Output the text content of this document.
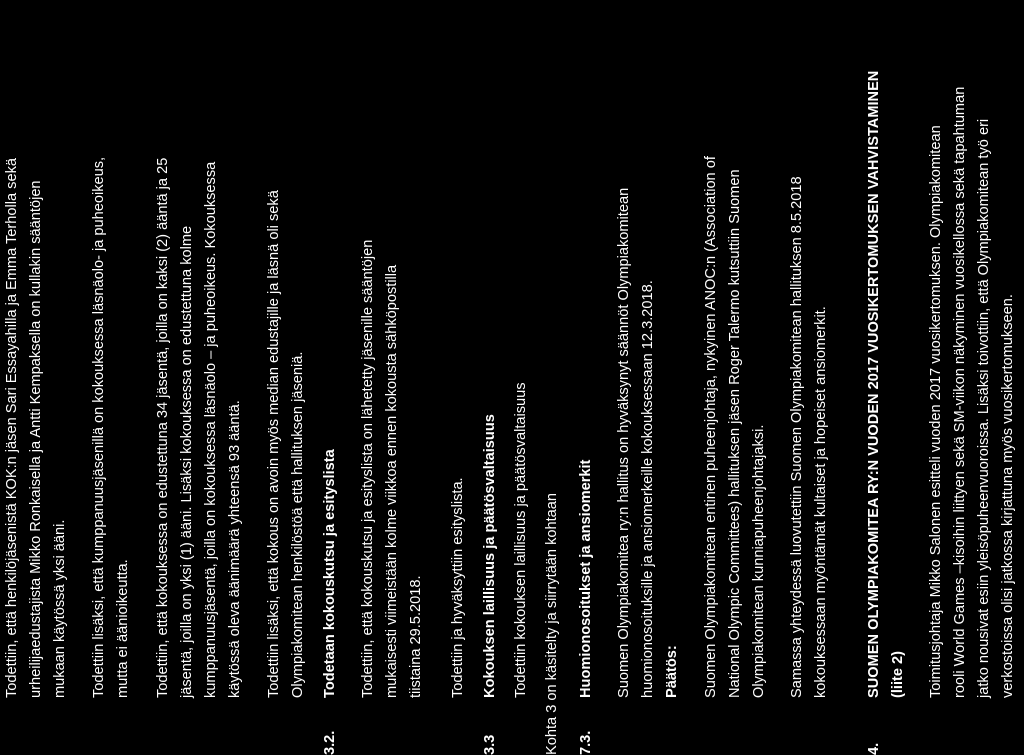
Todettiin, että henkilöjäsenistä KOK:n jäsen Sari Essayahilla ja Emma Terholla sekä urheilijaedustajista Mikko Ronkaisella ja Antti Kempaksella on kullakin sääntöjen mukaan käytössä yksi ääni. Todettiin lisäksi, että kumppanuusjäsenillä on kokouksessa läsnäolo- ja puheoikeus, mutta ei äänioikeutta. Todettiin, että kokouksessa on edustettuna 34 jäsentä, joilla on kaksi (2) ääntä ja 25 jäsentä, joilla on yksi (1) ääni. Lisäksi kokouksessa on edustettuna kolme kumppanuusjäsentä, joilla on kokouksessa läsnäolo – ja puheoikeus. Kokouksessa käytössä oleva äänimäärä yhteensä 93 ääntä. Todettiin lisäksi, että kokous on avoin myös median edustajille ja läsnä oli sekä Olympiakomitean henkilöstöä että hallituksen jäseniä.

3.2.

Todetaan kokouskutsu ja esityslista Todettiin, että kokouskutsu ja esityslista on lähetetty jäsenille sääntöjen mukaisesti viimeistään kolme viikkoa ennen kokousta sähköpostilla tiistaina 29.5.2018. Todettiin ja hyväksyttiin esityslista.

3.3

Kokouksen laillisuus ja päätösvaltaisuus Todettiin kokouksen laillisuus ja päätösvaltaisuus Kohta 3 on käsitelty ja siirrytään kohtaan 7.3.

Huomionosoitukset ja ansiomerkit Suomen Olympiakomitea ry:n hallitus on hyväksynyt säännöt Olympiakomitean huomionosoituksille ja ansiomerkeille kokouksessaan 12.3.2018. Päätös: Suomen Olympiakomitean entinen puheenjohtaja, nykyinen ANOC:n (Association of National Olympic Committees) hallituksen jäsen Roger Talermo kutsuttiin Suomen Olympiakomitean kunniapuheenjohtajaksi. Samassa yhteydessä luovutettiin Suomen Olympiakomitean hallituksen 8.5.2018 kokouksessaan myöntämät kultaiset ja hopeiset ansiomerkit.

4.

SUOMEN OLYMPIAKOMITEA RY:N VUODEN 2017 VUOSIKERTOMUKSEN VAHVISTAMINEN (liite 2) Toimitusjohtaja Mikko Salonen esitteli vuoden 2017 vuosikertomuksen. Olympiakomitean rooli World Games –kisoihin liittyen sekä SM-viikon näkyminen vuosikellossa sekä tapahtuman jatko nousivat esiin yleisöpuheenvuoroissa. Lisäksi toivottiin, että Olympiakomitean työ eri verkostoissa olisi jatkossa kirjattuna myös vuosikertomukseen.
